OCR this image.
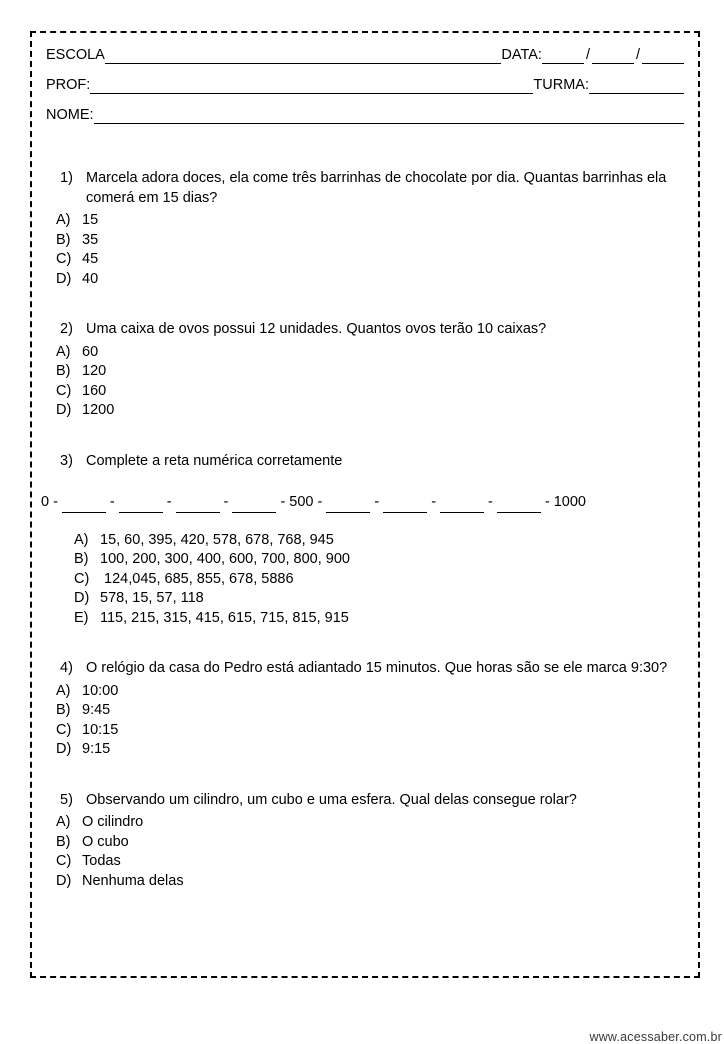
ESCOLA	DATA:	/	/
PROF:	TURMA:
NOME:
1) Marcela adora doces, ela come três barrinhas de chocolate por dia. Quantas barrinhas ela comerá em 15 dias?
A) 15
B) 35
C) 45
D) 40
2) Uma caixa de ovos possui 12 unidades. Quantos ovos terão 10 caixas?
A) 60
B) 120
C) 160
D) 1200
3) Complete a reta numérica corretamente
0 -	-	-	-	- 500 -	-	-	-	- 1000
A) 15, 60, 395, 420, 578, 678, 768, 945
B) 100, 200, 300, 400, 600, 700, 800, 900
C) 124,045, 685, 855, 678, 5886
D) 578, 15, 57, 118
E) 115, 215, 315, 415, 615, 715, 815, 915
4) O relógio da casa do Pedro está adiantado 15 minutos. Que horas são se ele marca 9:30?
A) 10:00
B) 9:45
C) 10:15
D) 9:15
5) Observando um cilindro, um cubo e uma esfera. Qual delas consegue rolar?
A) O cilindro
B) O cubo
C) Todas
D) Nenhuma delas
www.acessaber.com.br
